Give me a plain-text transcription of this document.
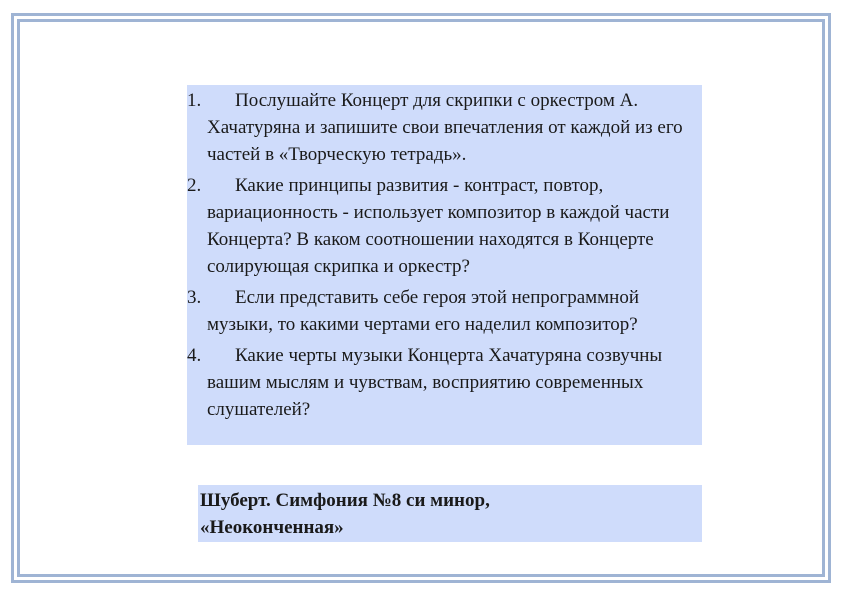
1.	Послушайте Концерт для скрипки с оркестром А. Хачатуряна и запишите свои впечатления от каждой из его частей в «Творческую тетрадь».
2.	Какие принципы развития - контраст, повтор, вариационность - использует композитор в каждой части Концерта? В каком соотношении находятся в Концерте солирующая скрипка и оркестр?
3.	Если представить себе героя этой непрограммной музыки, то какими чертами его наделил композитор?
4.	Какие черты музыки Концерта Хачатуряна созвучны вашим мыслям и чувствам, восприятию современных слушателей?
Шуберт. Симфония №8 си минор,
«Неоконченная»
